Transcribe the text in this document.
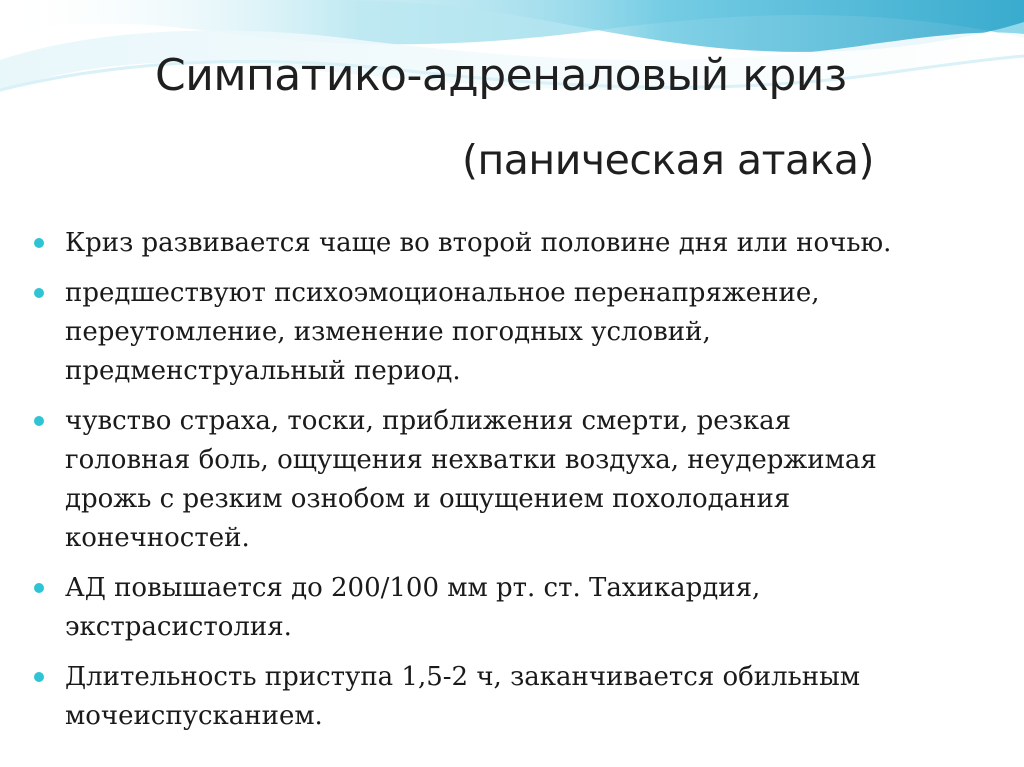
Симпатико-адреналовый криз
(паническая атака)
Криз развивается чаще во второй половине дня или ночью.
предшествуют психоэмоциональное перенапряжение,
переутомление, изменение погодных условий,
предменструальный период.
чувство страха, тоски, приближения смерти, резкая
головная боль, ощущения нехватки воздуха, неудержимая
дрожь с резким ознобом и ощущением похолодания
конечностей.
АД повышается до 200/100 мм рт. ст. Тахикардия,
экстрасистолия.
Длительность приступа 1,5-2 ч, заканчивается обильным
мочеиспусканием.
